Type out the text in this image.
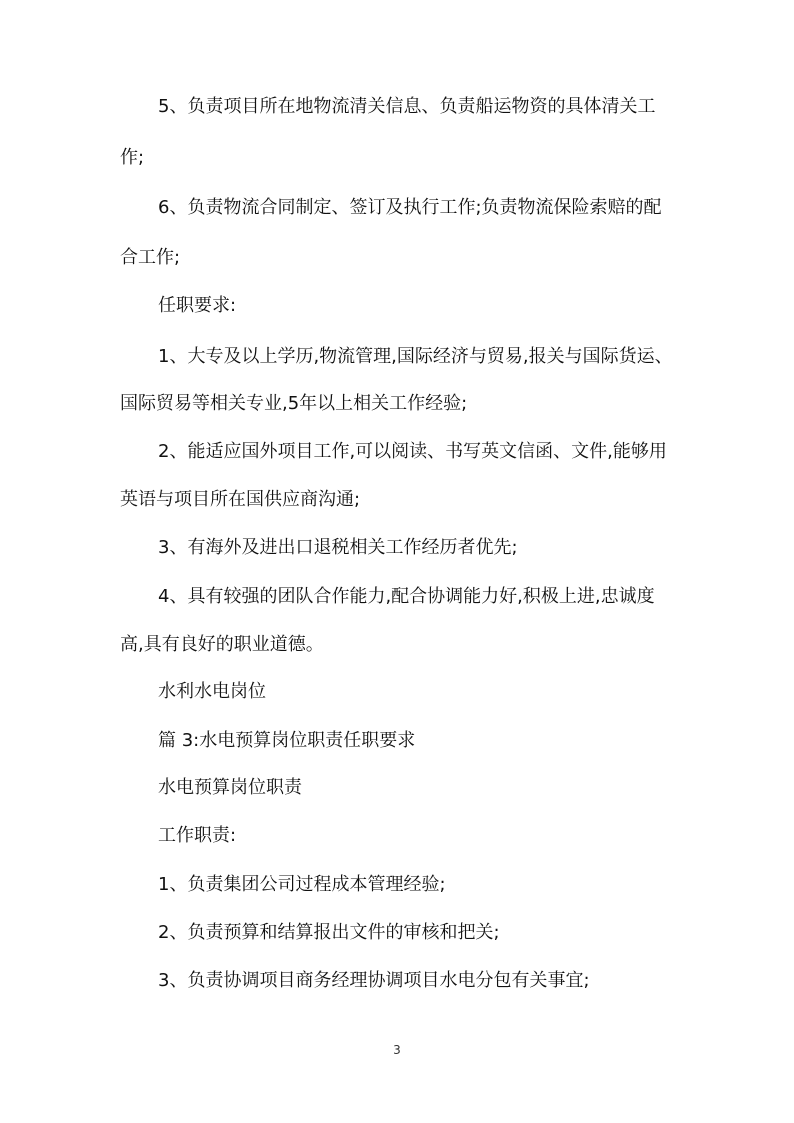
5、负责项目所在地物流清关信息、负责船运物资的具体清关工
作;
6、负责物流合同制定、签订及执行工作;负责物流保险索赔的配
合工作;
任职要求:
1、大专及以上学历,物流管理,国际经济与贸易,报关与国际货运、
国际贸易等相关专业,5年以上相关工作经验;
2、能适应国外项目工作,可以阅读、书写英文信函、文件,能够用
英语与项目所在国供应商沟通;
3、有海外及进出口退税相关工作经历者优先;
4、具有较强的团队合作能力,配合协调能力好,积极上进,忠诚度
高,具有良好的职业道德。
水利水电岗位
篇 3:水电预算岗位职责任职要求
水电预算岗位职责
工作职责:
1、负责集团公司过程成本管理经验;
2、负责预算和结算报出文件的审核和把关;
3、负责协调项目商务经理协调项目水电分包有关事宜;
3
